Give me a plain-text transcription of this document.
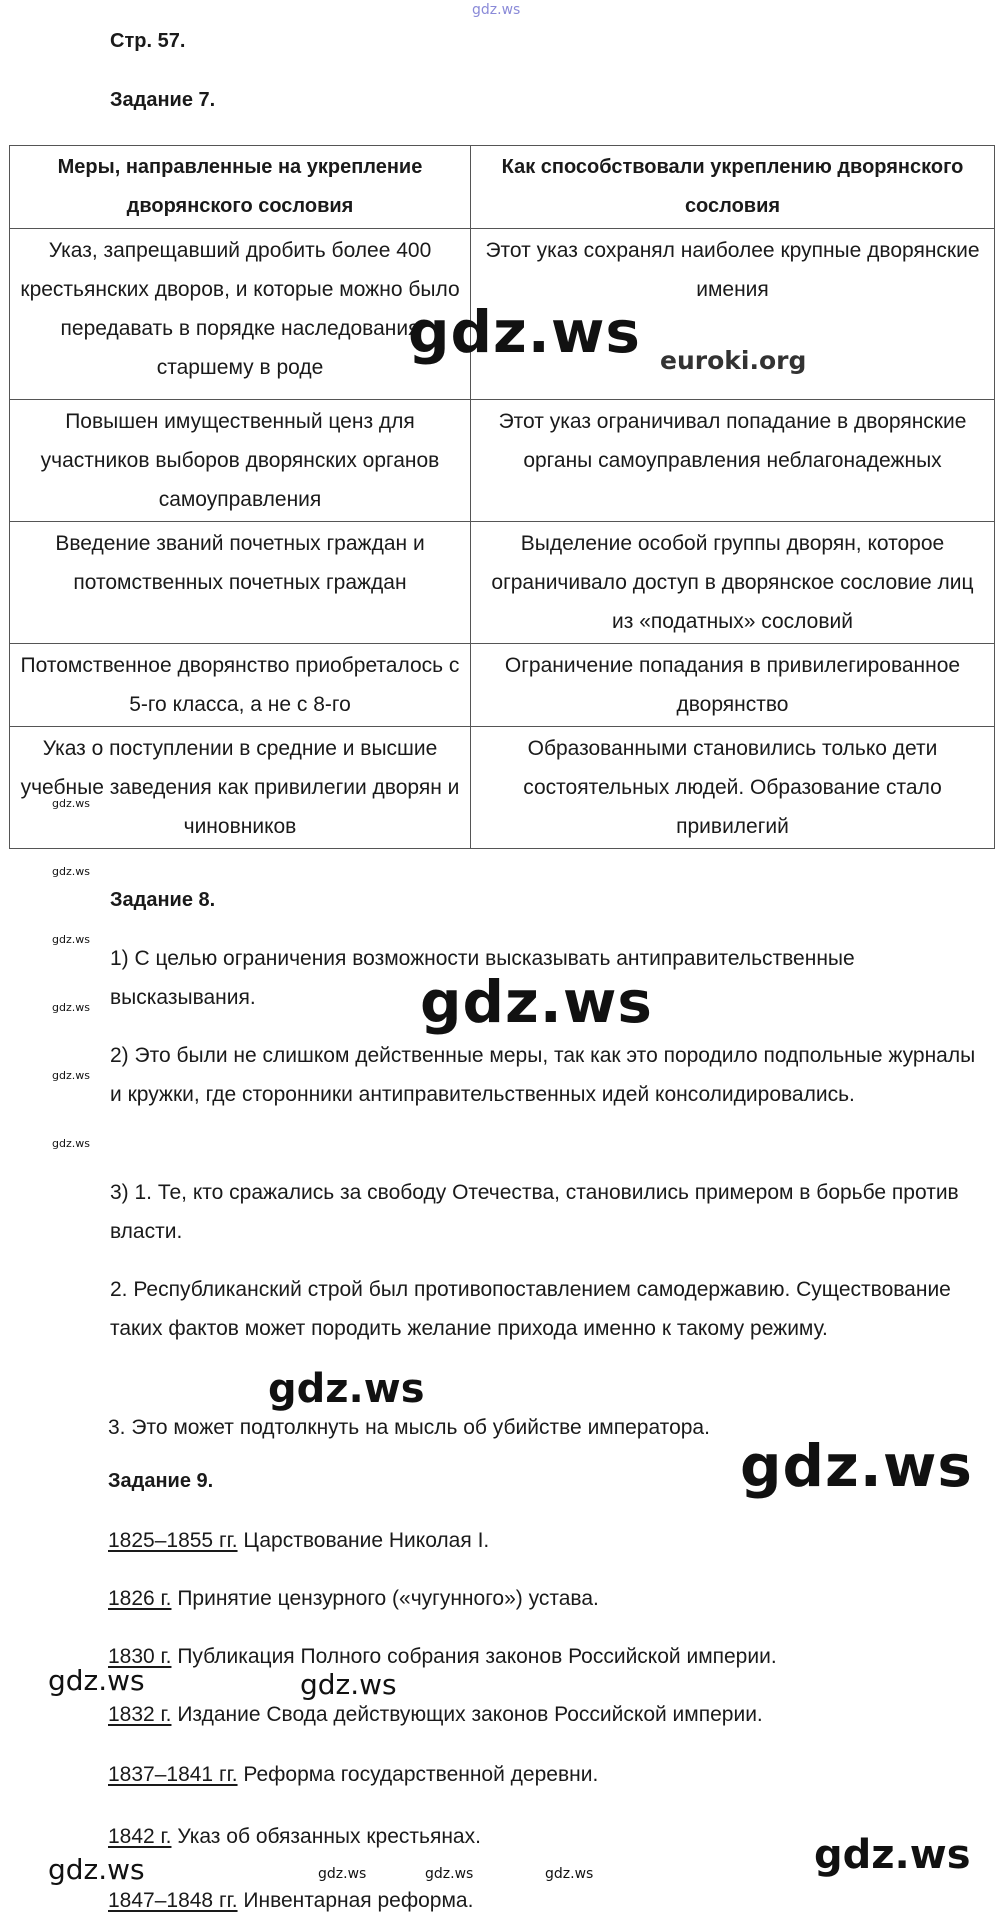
gdz.ws
Стр. 57.
Задание 7.
Меры, направленные на укрепление дворянского сословия	Как способствовали укреплению дворянского сословия
Указ, запрещавший дробить более 400 крестьянских дворов, и которые можно было передавать в порядке наследования старшему в роде	Этот указ сохранял наиболее крупные дворянские имения
Повышен имущественный ценз для участников выборов дворянских органов самоуправления	Этот указ ограничивал попадание в дворянские органы самоуправления неблагонадежных
Введение званий почетных граждан и потомственных почетных граждан	Выделение особой группы дворян, которое ограничивало доступ в дворянское сословие лиц из «податных» сословий
Потомственное дворянство приобреталось с 5-го класса, а не с 8-го	Ограничение попадания в привилегированное дворянство
Указ о поступлении в средние и высшие учебные заведения как привилегии дворян и чиновников	Образованными становились только дети состоятельных людей. Образование стало привилегий
gdz.ws euroki.org
gdz.ws
gdz.ws
gdz.ws
gdz.ws
gdz.ws
gdz.ws
Задание 8.
1) С целью ограничения возможности высказывать антиправительственные высказывания.
2) Это были не слишком действенные меры, так как это породило подпольные журналы и кружки, где сторонники антиправительственных идей консолидировались.
3) 1. Те, кто сражались за свободу Отечества, становились примером в борьбе против власти.
2. Республиканский строй был противопоставлением самодержавию. Существование таких фактов может породить желание прихода именно к такому режиму.
3. Это может подтолкнуть на мысль об убийстве императора.
gdz.ws
gdz.ws
gdz.ws
Задание 9.
1825–1855 гг. Царствование Николая I.
1826 г. Принятие цензурного («чугунного») устава.
1830 г. Публикация Полного собрания законов Российской империи.
1832 г. Издание Свода действующих законов Российской империи.
1837–1841 гг. Реформа государственной деревни.
1842 г. Указ об обязанных крестьянах.
1847–1848 гг. Инвентарная реформа.
gdz.ws	gdz.ws
gdz.ws	gdz.ws	gdz.ws	gdz.ws	gdz.ws
